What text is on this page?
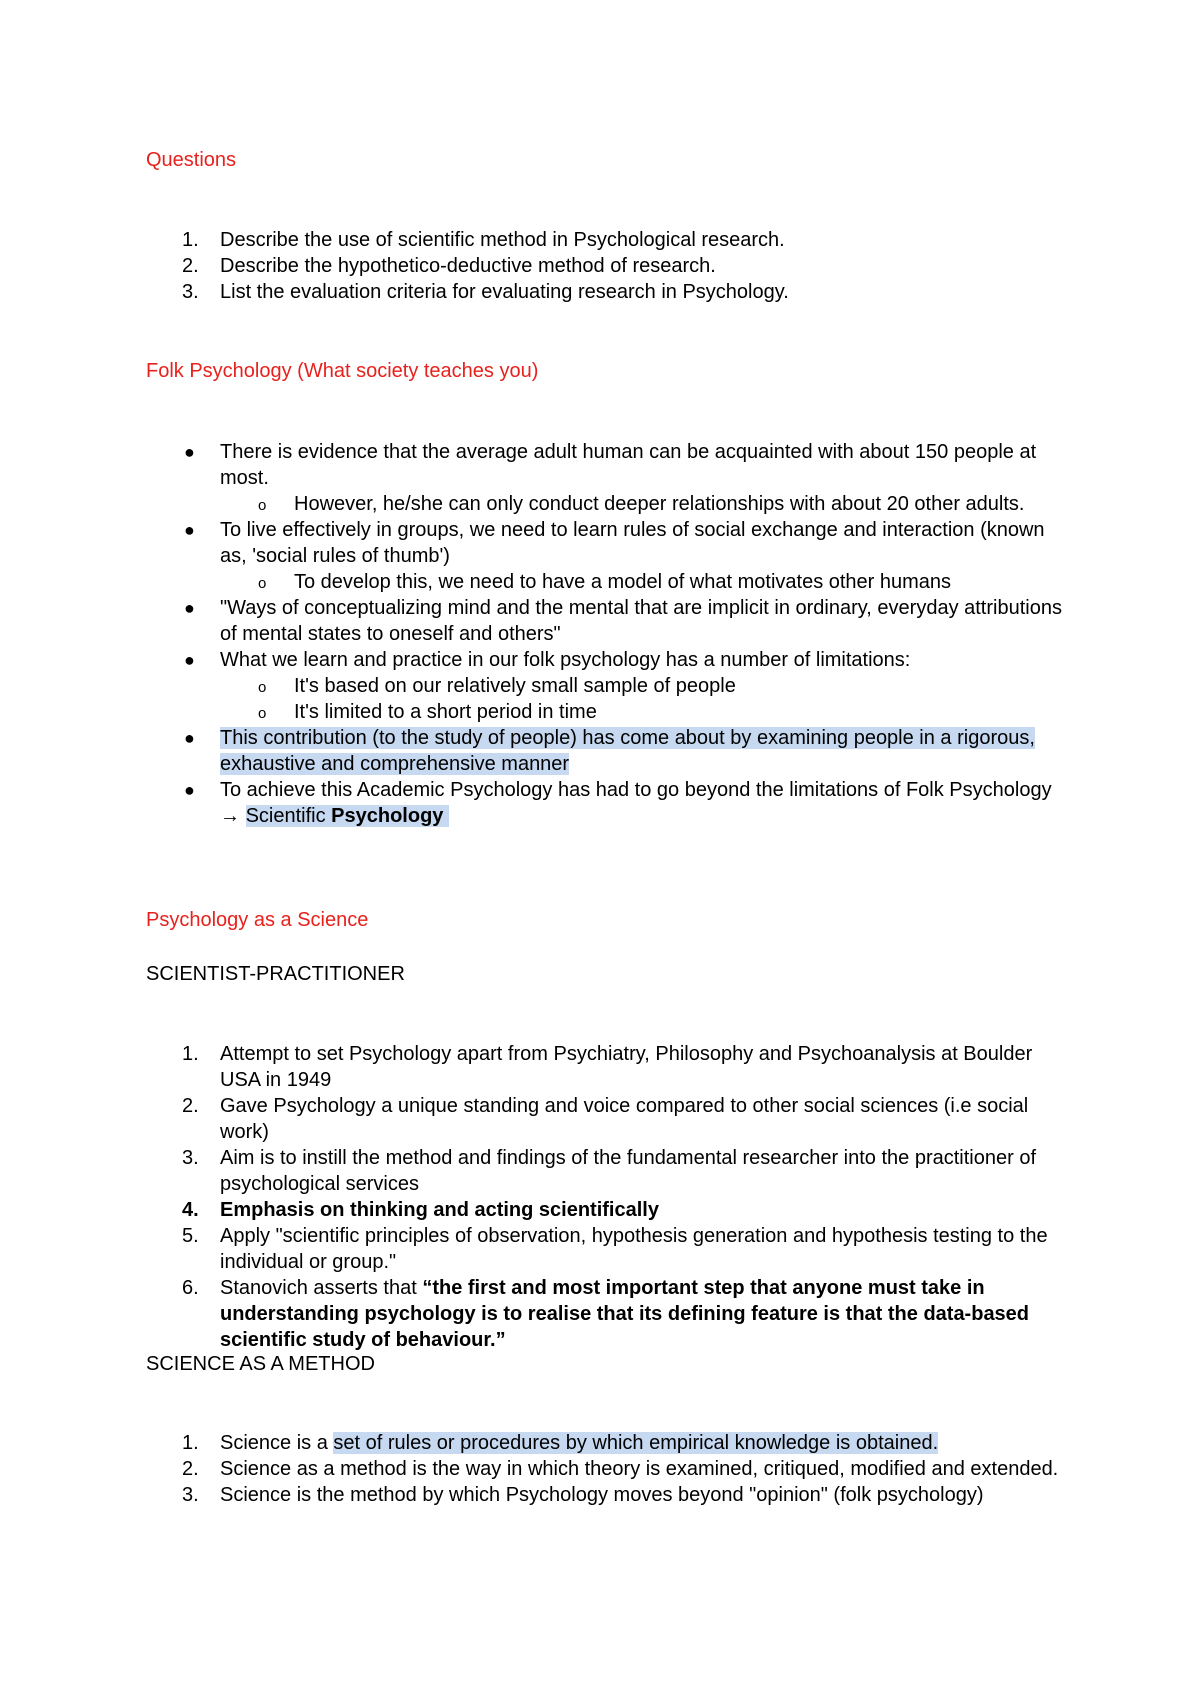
Questions
1.	Describe the use of scientific method in Psychological research.
2.	Describe the hypothetico-deductive method of research.
3.	List the evaluation criteria for evaluating research in Psychology.
Folk Psychology (What society teaches you)
● There is evidence that the average adult human can be acquainted with about 150 people at most.
o However, he/she can only conduct deeper relationships with about 20 other adults.
● To live effectively in groups, we need to learn rules of social exchange and interaction (known as, 'social rules of thumb')
o To develop this, we need to have a model of what motivates other humans
● "Ways of conceptualizing mind and the mental that are implicit in ordinary, everyday attributions of mental states to oneself and others"
● What we learn and practice in our folk psychology has a number of limitations:
o It's based on our relatively small sample of people
o It's limited to a short period in time
● This contribution (to the study of people) has come about by examining people in a rigorous, exhaustive and comprehensive manner
● To achieve this Academic Psychology has had to go beyond the limitations of Folk Psychology → Scientific Psychology
Psychology as a Science
SCIENTIST-PRACTITIONER
1.	Attempt to set Psychology apart from Psychiatry, Philosophy and Psychoanalysis at Boulder USA in 1949
2.	Gave Psychology a unique standing and voice compared to other social sciences (i.e social work)
3.	Aim is to instill the method and findings of the fundamental researcher into the practitioner of psychological services
4.	Emphasis on thinking and acting scientifically
5.	Apply "scientific principles of observation, hypothesis generation and hypothesis testing to the individual or group."
6.	Stanovich asserts that “the first and most important step that anyone must take in understanding psychology is to realise that its defining feature is that the data-based scientific study of behaviour.”
SCIENCE AS A METHOD
1.	Science is a set of rules or procedures by which empirical knowledge is obtained.
2.	Science as a method is the way in which theory is examined, critiqued, modified and extended.
3.	Science is the method by which Psychology moves beyond "opinion" (folk psychology)
